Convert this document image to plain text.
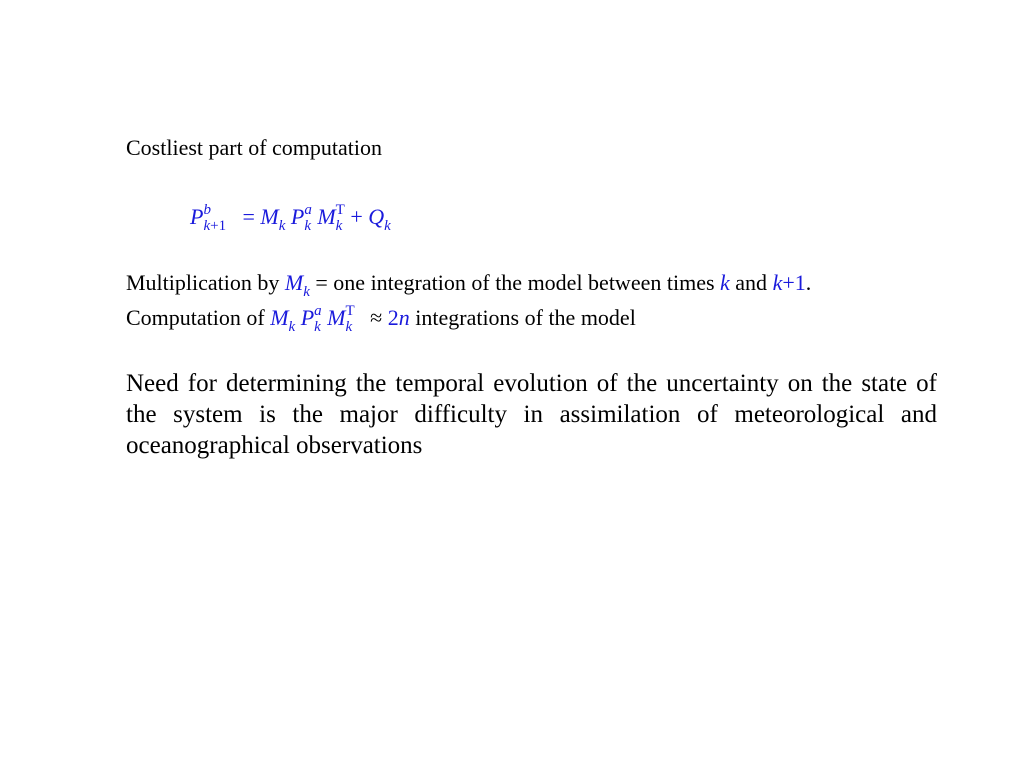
Costliest part of computation
Pb
$k+1 = M_k$ Pa
k MT
$k + Q_k$
Multiplication by $M_k$ = one integration of the model between times k and k+1.
Computation of $M_k$ Pa
k MT
k ≈ 2n integrations of the model
Need for determining the temporal evolution of the uncertainty on the state of the system is the major difficulty in assimilation of meteorological and oceanographical observations
